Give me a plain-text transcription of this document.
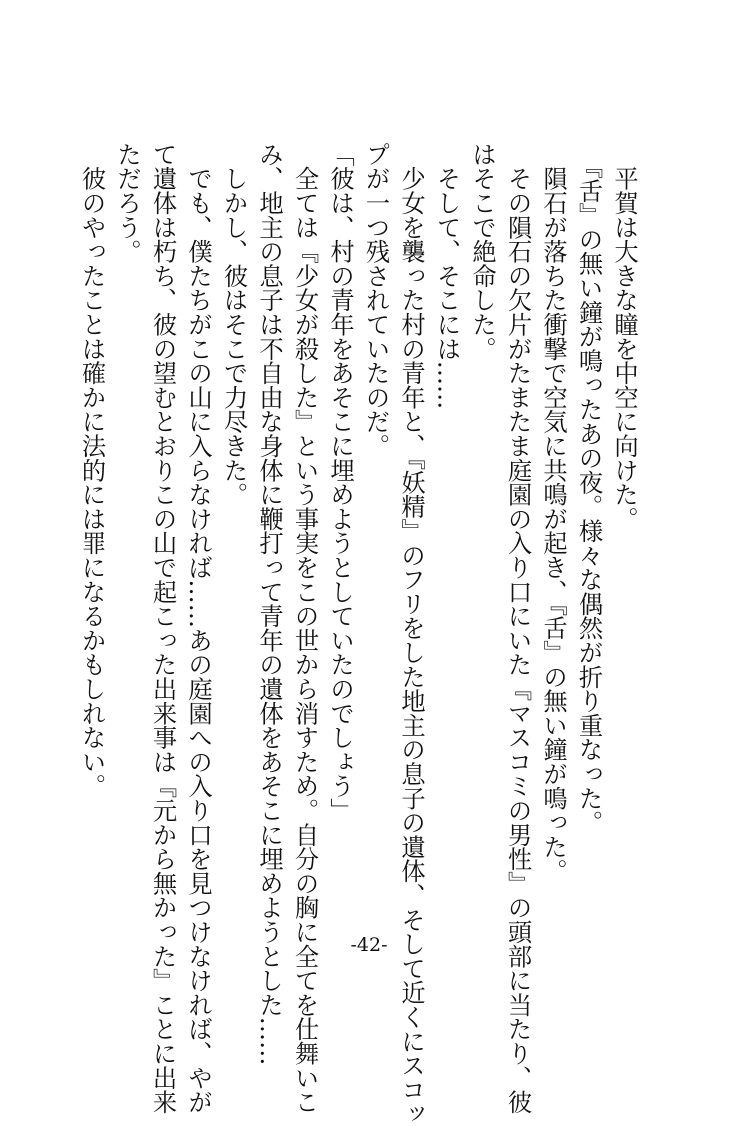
　平賀は大きな瞳を中空に向けた。

　『舌』の無い鐘が鳴ったあの夜。様々な偶然が折り重なった。

　隕石が落ちた衝撃で空気に共鳴が起き、『舌』の無い鐘が鳴った。

　その隕石の欠片がたまたま庭園の入り口にいた『マスコミの男性』の頭部に当たり、彼

はそこで絶命した。

　そして、そこには……

　少女を襲った村の青年と、『妖精』のフリをした地主の息子の遺体、そして近くにスコッ

プが一つ残されていたのだ。

「彼は、村の青年をあそこに埋めようとしていたのでしょう」

　全ては『少女が殺した』という事実をこの世から消すため。自分の胸に全てを仕舞いこ

み、地主の息子は不自由な身体に鞭打って青年の遺体をあそこに埋めようとした……

　しかし、彼はそこで力尽きた。

　でも、僕たちがこの山に入らなければ……あの庭園への入り口を見つけなければ、やが

て遺体は朽ち、彼の望むとおりこの山で起こった出来事は『元から無かった』ことに出来

ただろう。

　彼のやったことは確かに法的には罪になるかもしれない。

-42-
